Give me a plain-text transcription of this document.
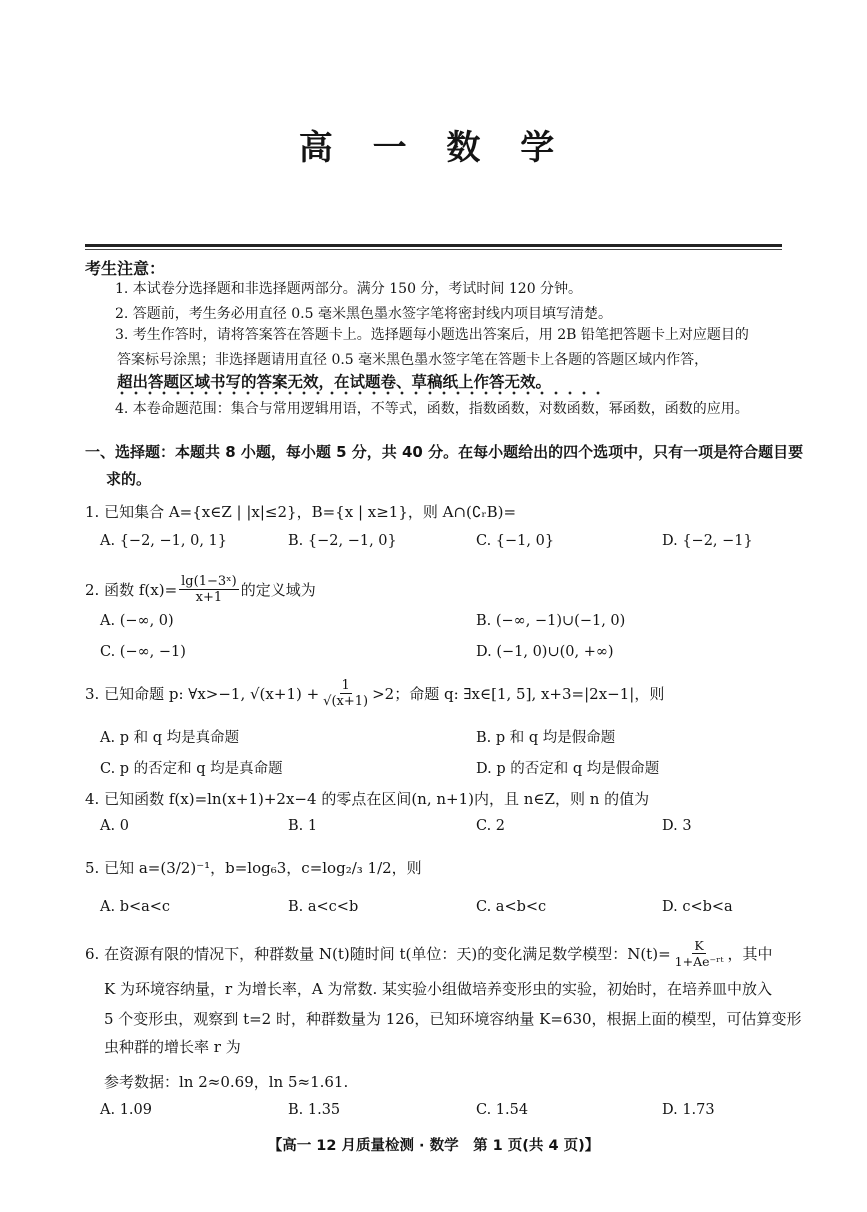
高 一 数 学
考生注意：
1. 本试卷分选择题和非选择题两部分。满分 150 分，考试时间 120 分钟。
2. 答题前，考生务必用直径 0.5 毫米黑色墨水签字笔将密封线内项目填写清楚。
3. 考生作答时，请将答案答在答题卡上。选择题每小题选出答案后，用 2B 铅笔把答题卡上对应题目的
答案标号涂黑；非选择题请用直径 0.5 毫米黑色墨水签字笔在答题卡上各题的答题区域内作答，
超出答题区域书写的答案无效，在试题卷、草稿纸上作答无效。
4. 本卷命题范围：集合与常用逻辑用语，不等式，函数，指数函数，对数函数，幂函数，函数的应用。
一、选择题：本题共 8 小题，每小题 5 分，共 40 分。在每小题给出的四个选项中，只有一项是符合题目要
求的。
1. 已知集合 A={x∈Z | |x|≤2}，B={x | x≥1}，则 A∩(∁ᵣB)=
A. {−2, −1, 0, 1}	B. {−2, −1, 0}	C. {−1, 0}	D. {−2, −1}
2. 函数 $f(x)= \frac{\text{lg(1−3ˣ)}}{x+1}$ 的定义域为
A. (−∞, 0)	B. (−∞, −1)∪(−1, 0)
C. (−∞, −1)	D. (−1, 0)∪(0, +∞)
3. 已知命题 p: ∀x>−1, $√(x+1) + \frac{1}{√(x+1)} >2$；命题 q: ∃x∈[1, 5], x+3=|2x−1|，则
A. p 和 q 均是真命题	B. p 和 q 均是假命题
C. p 的否定和 q 均是真命题	D. p 的否定和 q 均是假命题
4. 已知函数 f(x)=ln(x+1)+2x−4 的零点在区间(n, n+1)内，且 n∈Z，则 n 的值为
A. 0	B. 1	C. 2	D. 3
5. 已知 a=(3/2)⁻¹，b=log₆3，c=log₂/₃ 1/2，则
A. b<a<c	B. a<c<b	C. a<b<c	D. c<b<a
6. 在资源有限的情况下，种群数量 N(t)随时间 t(单位：天)的变化满足数学模型：$N(t)= \frac{K}{\text{1+Ae⁻ʳᵗ}}$ ，其中
K 为环境容纳量，r 为增长率，A 为常数. 某实验小组做培养变形虫的实验，初始时，在培养皿中放入
5 个变形虫，观察到 t=2 时，种群数量为 126，已知环境容纳量 K=630，根据上面的模型，可估算变形
虫种群的增长率 r 为
参考数据：ln 2≈0.69，ln 5≈1.61.
A. 1.09	B. 1.35	C. 1.54	D. 1.73
【高一 12 月质量检测 · 数学　第 1 页(共 4 页)】
